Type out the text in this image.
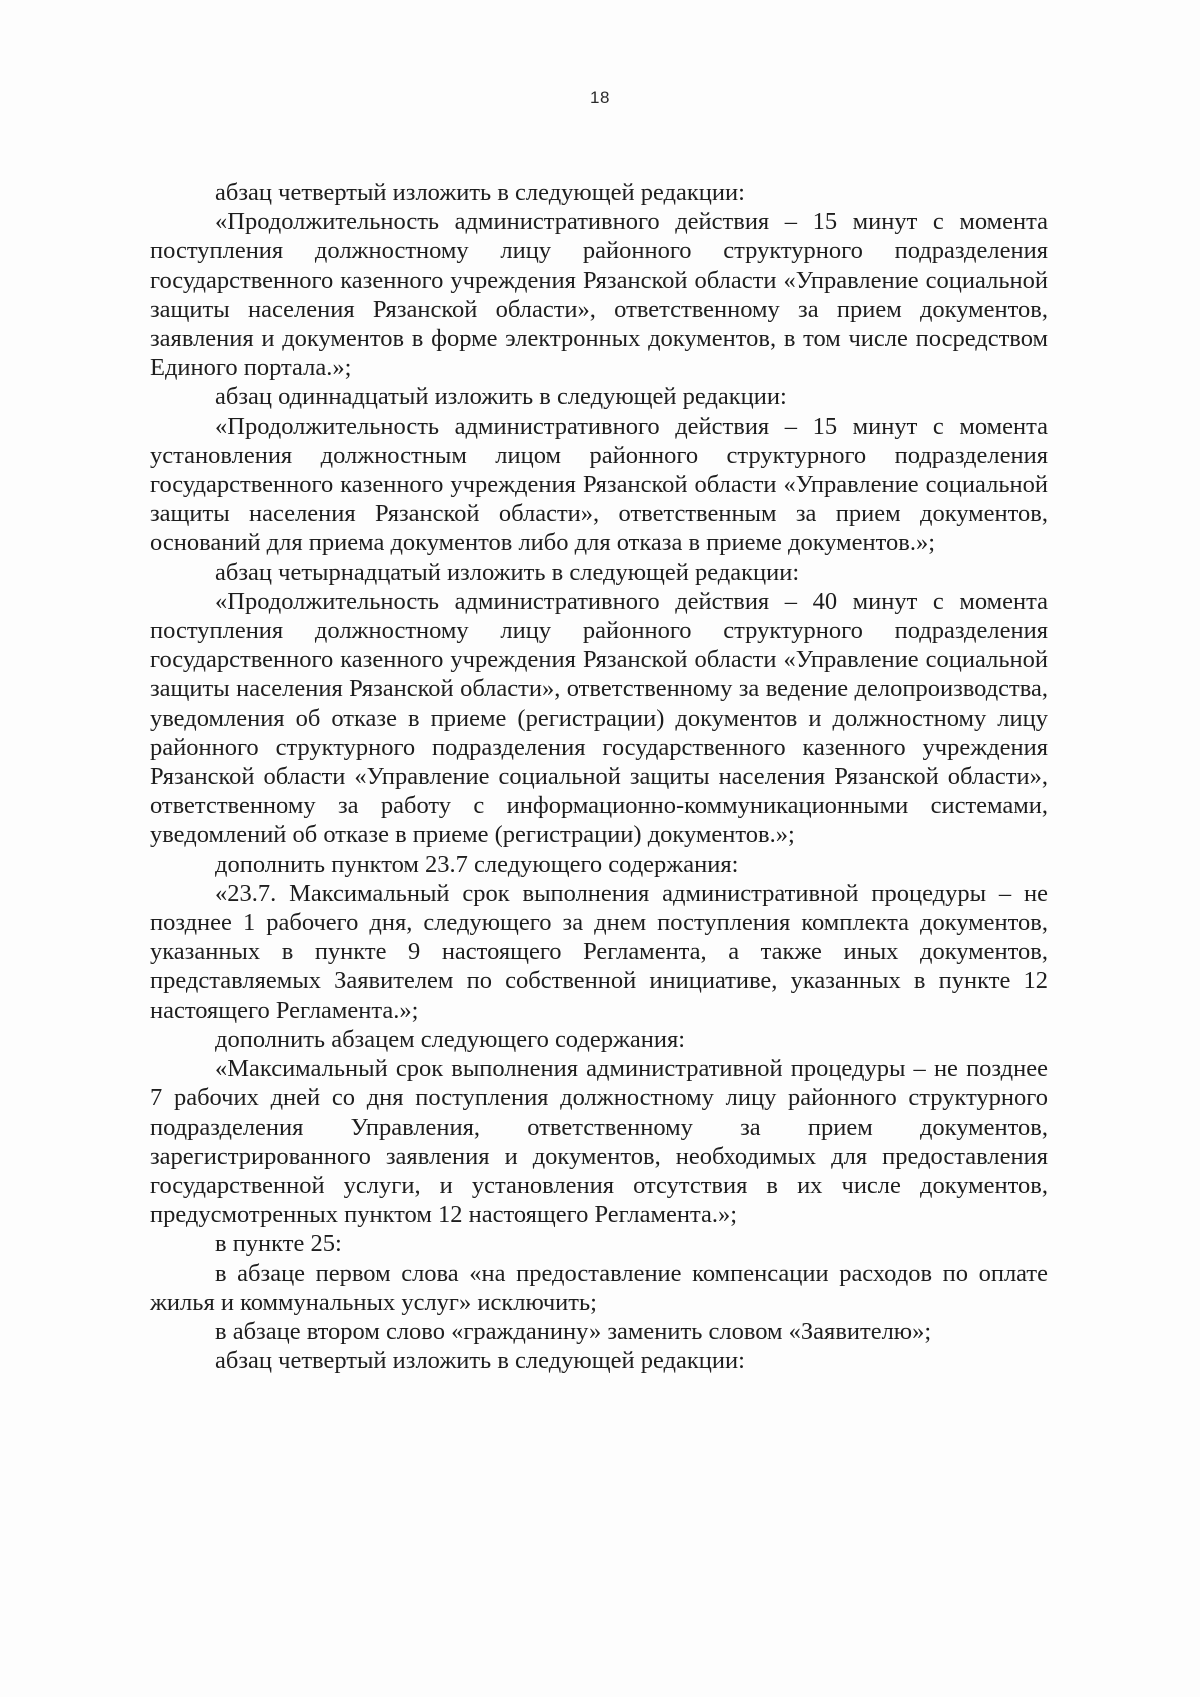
18

абзац четвертый изложить в следующей редакции:

«Продолжительность административного действия – 15 минут с момента поступления должностному лицу районного структурного подразделения государственного казенного учреждения Рязанской области «Управление социальной защиты населения Рязанской области», ответственному за прием документов, заявления и документов в форме электронных документов, в том числе посредством Единого портала.»;

абзац одиннадцатый изложить в следующей редакции:

«Продолжительность административного действия – 15 минут с момента установления должностным лицом районного структурного подразделения государственного казенного учреждения Рязанской области «Управление социальной защиты населения Рязанской области», ответственным за прием документов, оснований для приема документов либо для отказа в приеме документов.»;

абзац четырнадцатый изложить в следующей редакции:

«Продолжительность административного действия – 40 минут с момента поступления должностному лицу районного структурного подразделения государственного казенного учреждения Рязанской области «Управление социальной защиты населения Рязанской области», ответственному за ведение делопроизводства, уведомления об отказе в приеме (регистрации) документов и должностному лицу районного структурного подразделения государственного казенного учреждения Рязанской области «Управление социальной защиты населения Рязанской области», ответственному за работу с информационно-коммуникационными системами, уведомлений об отказе в приеме (регистрации) документов.»;

дополнить пунктом 23.7 следующего содержания:

«23.7. Максимальный срок выполнения административной процедуры – не позднее 1 рабочего дня, следующего за днем поступления комплекта документов, указанных в пункте 9 настоящего Регламента, а также иных документов, представляемых Заявителем по собственной инициативе, указанных в пункте 12 настоящего Регламента.»;

дополнить абзацем следующего содержания:

«Максимальный срок выполнения административной процедуры – не позднее 7 рабочих дней со дня поступления должностному лицу районного структурного подразделения Управления, ответственному за прием документов, зарегистрированного заявления и документов, необходимых для предоставления государственной услуги, и установления отсутствия в их числе документов, предусмотренных пунктом 12 настоящего Регламента.»;

в пункте 25:

в абзаце первом слова «на предоставление компенсации расходов по оплате жилья и коммунальных услуг» исключить;

в абзаце втором слово «гражданину» заменить словом «Заявителю»;

абзац четвертый изложить в следующей редакции:
